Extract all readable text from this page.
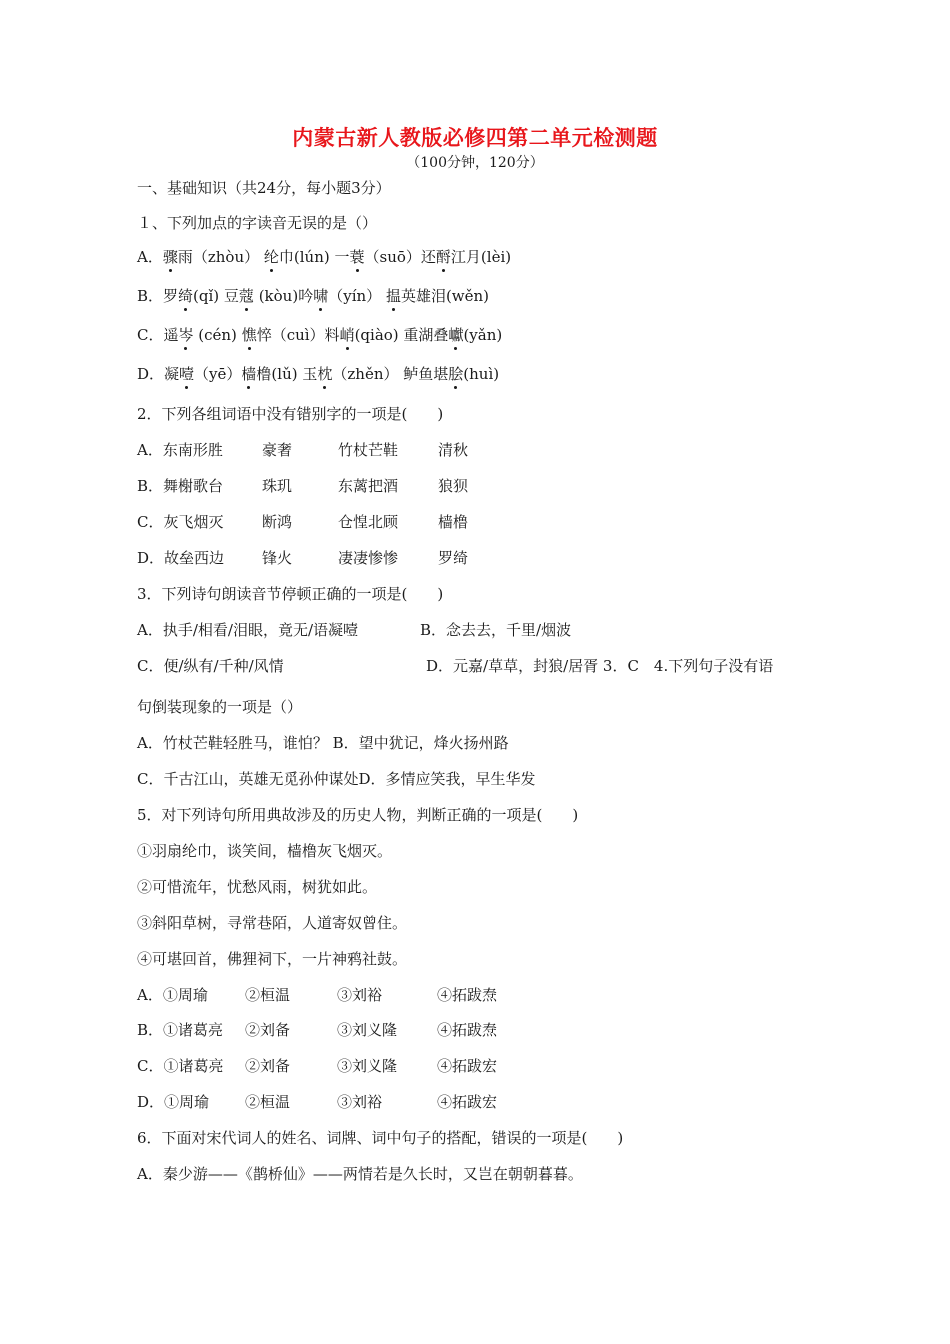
内蒙古新人教版必修四第二单元检测题
（100分钟，120分）
一、基础知识（共24分，每小题3分）
１、下列加点的字读音无误的是（）
A．骤雨（zhòu） 纶巾(lún) 一蓑（suō）还酹江月(lèi)
B．罗绮(qǐ) 豆蔻 (kòu)吟啸（yín） 揾英雄泪(wěn)
C．遥岑 (cén) 憔悴（cuì）料峭(qiào) 重湖叠巘(yǎn)
D．凝噎（yē）樯橹(lǔ) 玉枕（zhěn） 鲈鱼堪脍(huì)
2．下列各组词语中没有错别字的一项是(　　)
A．东南形胜	豪奢	竹杖芒鞋	清秋
B．舞榭歌台	珠玑	东蓠把酒	狼狈
C．灰飞烟灭	断鸿	仓惶北顾	樯橹
D．故垒西边	锋火	凄凄惨惨	罗绮
3．下列诗句朗读音节停顿正确的一项是(　　)
A．执手/相看/泪眼，竟无/语凝噎	B．念去去，千里/烟波
C．便/纵有/千种/风情	D．元嘉/草草，封狼/居胥 3．C　4.下列句子没有语
句倒装现象的一项是（）
A．竹杖芒鞋轻胜马，谁怕？ B．望中犹记，烽火扬州路
C．千古江山，英雄无觅孙仲谋处D．多情应笑我，早生华发
5．对下列诗句所用典故涉及的历史人物，判断正确的一项是(　　)
①羽扇纶巾，谈笑间，樯橹灰飞烟灭。
②可惜流年，忧愁风雨，树犹如此。
③斜阳草树，寻常巷陌，人道寄奴曾住。
④可堪回首，佛狸祠下，一片神鸦社鼓。
A．①周瑜 ②桓温	③刘裕	④拓跋焘
B．①诸葛亮 ②刘备	③刘义隆	④拓跋焘
C．①诸葛亮 ②刘备	③刘义隆	④拓跋宏
D．①周瑜 ②桓温	③刘裕	④拓跋宏
6．下面对宋代词人的姓名、词牌、词中句子的搭配，错误的一项是(　　)
A．秦少游——《鹊桥仙》——两情若是久长时，又岂在朝朝暮暮。
